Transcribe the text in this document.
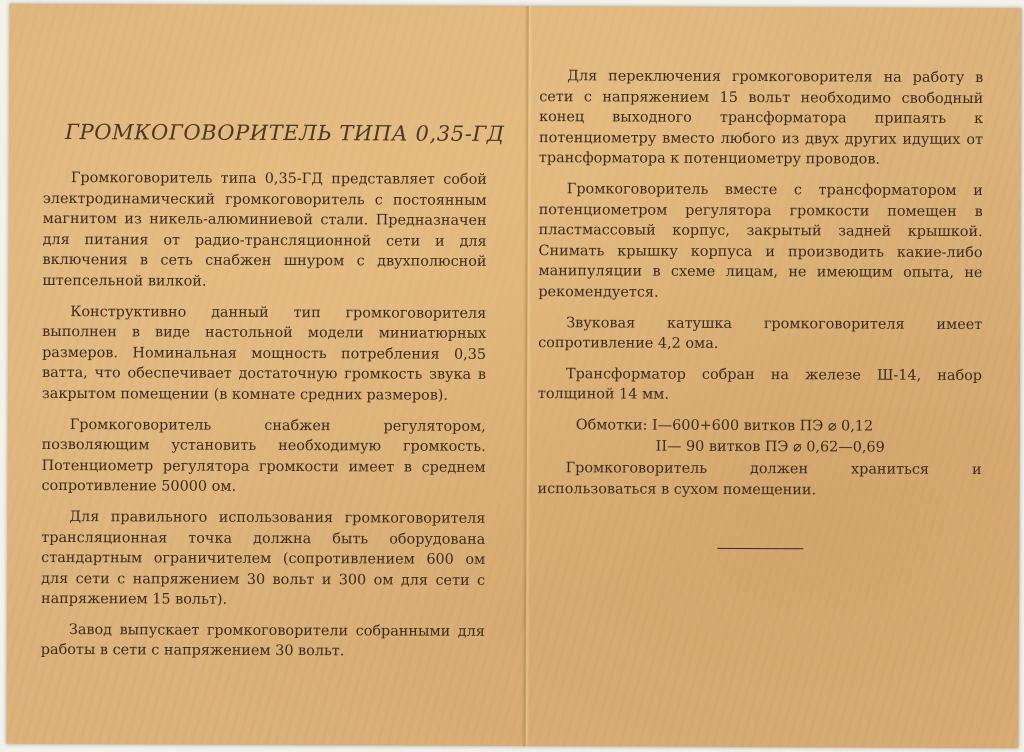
ГРОМКОГОВОРИТЕЛЬ ТИПА 0,35-ГД

Громкоговоритель типа 0,35-ГД представляет собой электродинамический громкоговоритель с постоянным магнитом из никель-алюминиевой стали. Предназначен для питания от радио-трансляционной сети и для включения в сеть снабжен шнуром с двухполюсной штепсельной вилкой.

Конструктивно данный тип громкоговорителя выполнен в виде настольной модели миниатюрных размеров. Номинальная мощность потребления 0,35 ватта, что обеспечивает достаточную громкость звука в закрытом помещении (в комнате средних размеров).

Громкоговоритель снабжен регулятором, позволяющим установить необходимую громкость. Потенциометр регулятора громкости имеет в среднем сопротивление 50000 ом.

Для правильного использования громкоговорителя трансляционная точка должна быть оборудована стандартным ограничителем (сопротивлением 600 ом для сети с напряжением 30 вольт и 300 ом для сети с напряжением 15 вольт).

Завод выпускает громкоговорители собранными для работы в сети с напряжением 30 вольт.

Для переключения громкоговорителя на работу в сети с напряжением 15 вольт необходимо свободный конец выходного трансформатора припаять к потенциометру вместо любого из двух других идущих от трансформатора к потенциометру проводов.

Громкоговоритель вместе с трансформатором и потенциометром регулятора громкости помещен в пластмассовый корпус, закрытый задней крышкой. Снимать крышку корпуса и производить какие-либо манипуляции в схеме лицам, не имеющим опыта, не рекомендуется.

Звуковая катушка громкоговорителя имеет сопротивление 4,2 ома.

Трансформатор собран на железе Ш-14, набор толщиной 14 мм.

Обмотки: I—600+600 витков ПЭ ⌀ 0,12

II— 90 витков ПЭ ⌀ 0,62—0,69

Громкоговоритель должен храниться и использоваться в сухом помещении.
